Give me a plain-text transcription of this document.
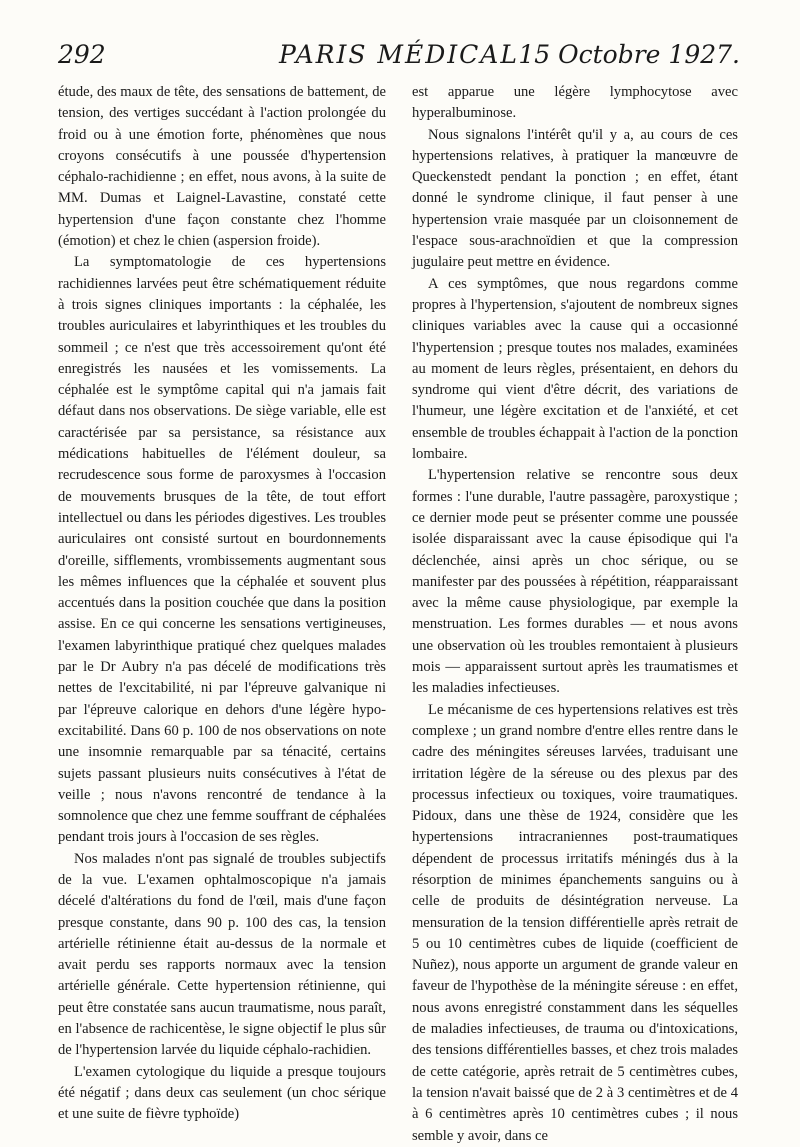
292	PARIS MÉDICAL 15 Octobre 1927.

étude, des maux de tête, des sensations de battement, de tension, des vertiges succédant à l'action prolongée du froid ou à une émotion forte, phénomènes que nous croyons consécutifs à une poussée d'hypertension céphalo-rachidienne ; en effet, nous avons, à la suite de MM. Dumas et Laignel-Lavastine, constaté cette hypertension d'une façon constante chez l'homme (émotion) et chez le chien (aspersion froide).

La symptomatologie de ces hypertensions rachidiennes larvées peut être schématiquement réduite à trois signes cliniques importants : la céphalée, les troubles auriculaires et labyrinthiques et les troubles du sommeil ; ce n'est que très accessoirement qu'ont été enregistrés les nausées et les vomissements. La céphalée est le symptôme capital qui n'a jamais fait défaut dans nos observations. De siège variable, elle est caractérisée par sa persistance, sa résistance aux médications habituelles de l'élément douleur, sa recrudescence sous forme de paroxysmes à l'occasion de mouvements brusques de la tête, de tout effort intellectuel ou dans les périodes digestives. Les troubles auriculaires ont consisté surtout en bourdonnements d'oreille, sifflements, vrombissements augmentant sous les mêmes influences que la céphalée et souvent plus accentués dans la position couchée que dans la position assise. En ce qui concerne les sensations vertigineuses, l'examen labyrinthique pratiqué chez quelques malades par le Dr Aubry n'a pas décelé de modifications très nettes de l'excitabilité, ni par l'épreuve galvanique ni par l'épreuve calorique en dehors d'une légère hypo-excitabilité. Dans 60 p. 100 de nos observations on note une insomnie remarquable par sa ténacité, certains sujets passant plusieurs nuits consécutives à l'état de veille ; nous n'avons rencontré de tendance à la somnolence que chez une femme souffrant de céphalées pendant trois jours à l'occasion de ses règles.

Nos malades n'ont pas signalé de troubles subjectifs de la vue. L'examen ophtalmoscopique n'a jamais décelé d'altérations du fond de l'œil, mais d'une façon presque constante, dans 90 p. 100 des cas, la tension artérielle rétinienne était au-dessus de la normale et avait perdu ses rapports normaux avec la tension artérielle générale. Cette hypertension rétinienne, qui peut être constatée sans aucun traumatisme, nous paraît, en l'absence de rachicentèse, le signe objectif le plus sûr de l'hypertension larvée du liquide céphalo-rachidien.

L'examen cytologique du liquide a presque toujours été négatif ; dans deux cas seulement (un choc sérique et une suite de fièvre typhoïde)

est apparue une légère lymphocytose avec hyperalbuminose.

Nous signalons l'intérêt qu'il y a, au cours de ces hypertensions relatives, à pratiquer la manœuvre de Queckenstedt pendant la ponction ; en effet, étant donné le syndrome clinique, il faut penser à une hypertension vraie masquée par un cloisonnement de l'espace sous-arachnoïdien et que la compression jugulaire peut mettre en évidence.

A ces symptômes, que nous regardons comme propres à l'hypertension, s'ajoutent de nombreux signes cliniques variables avec la cause qui a occasionné l'hypertension ; presque toutes nos malades, examinées au moment de leurs règles, présentaient, en dehors du syndrome qui vient d'être décrit, des variations de l'humeur, une légère excitation et de l'anxiété, et cet ensemble de troubles échappait à l'action de la ponction lombaire.

L'hypertension relative se rencontre sous deux formes : l'une durable, l'autre passagère, paroxystique ; ce dernier mode peut se présenter comme une poussée isolée disparaissant avec la cause épisodique qui l'a déclenchée, ainsi après un choc sérique, ou se manifester par des poussées à répétition, réapparaissant avec la même cause physiologique, par exemple la menstruation. Les formes durables — et nous avons une observation où les troubles remontaient à plusieurs mois — apparaissent surtout après les traumatismes et les maladies infectieuses.

Le mécanisme de ces hypertensions relatives est très complexe ; un grand nombre d'entre elles rentre dans le cadre des méningites séreuses larvées, traduisant une irritation légère de la séreuse ou des plexus par des processus infectieux ou toxiques, voire traumatiques. Pidoux, dans une thèse de 1924, considère que les hypertensions intracraniennes post-traumatiques dépendent de processus irritatifs méningés dus à la résorption de minimes épanchements sanguins ou à celle de produits de désintégration nerveuse. La mensuration de la tension différentielle après retrait de 5 ou 10 centimètres cubes de liquide (coefficient de Nuñez), nous apporte un argument de grande valeur en faveur de l'hypothèse de la méningite séreuse : en effet, nous avons enregistré constamment dans les séquelles de maladies infectieuses, de trauma ou d'intoxications, des tensions différentielles basses, et chez trois malades de cette catégorie, après retrait de 5 centimètres cubes, la tension n'avait baissé que de 2 à 3 centimètres et de 4 à 6 centimètres après 10 centimètres cubes ; il nous semble y avoir, dans ce
